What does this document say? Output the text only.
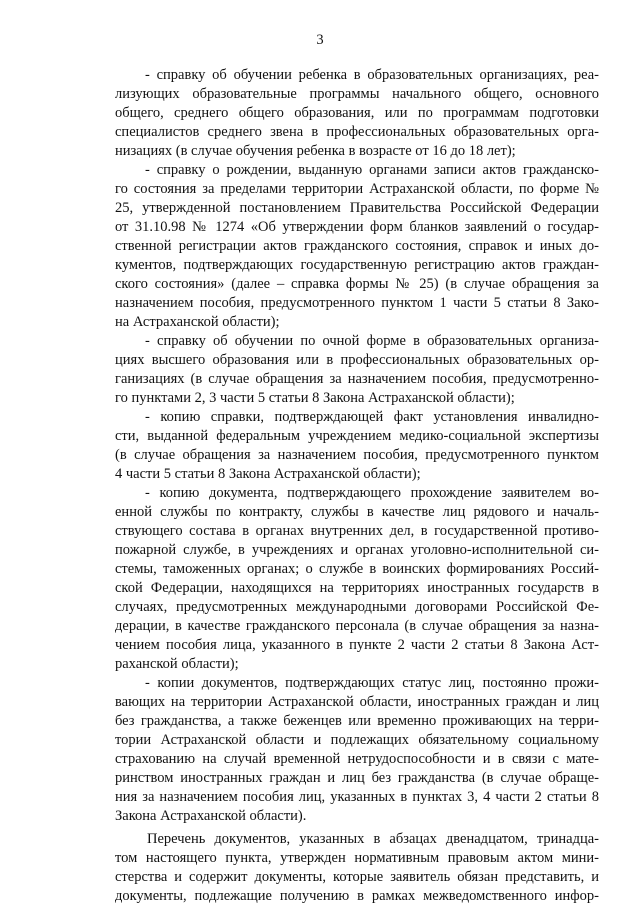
3
- справку об обучении ребенка в образовательных организациях, реа-
лизующих образовательные программы начального общего, основного
общего, среднего общего образования, или по программам подготовки
специалистов среднего звена в профессиональных образовательных орга-
низациях (в случае обучения ребенка в возрасте от 16 до 18 лет);
- справку о рождении, выданную органами записи актов гражданско-
го состояния за пределами территории Астраханской области, по форме №
25, утвержденной постановлением Правительства Российской Федерации
от 31.10.98 № 1274 «Об утверждении форм бланков заявлений о государ-
ственной регистрации актов гражданского состояния, справок и иных до-
кументов, подтверждающих государственную регистрацию актов граждан-
ского состояния» (далее – справка формы № 25) (в случае обращения за
назначением пособия, предусмотренного пунктом 1 части 5 статьи 8 Зако-
на Астраханской области);
- справку об обучении по очной форме в образовательных организа-
циях высшего образования или в профессиональных образовательных ор-
ганизациях (в случае обращения за назначением пособия, предусмотренно-
го пунктами 2, 3 части 5 статьи 8 Закона Астраханской области);
- копию справки, подтверждающей факт установления инвалидно-
сти, выданной федеральным учреждением медико-социальной экспертизы
(в случае обращения за назначением пособия, предусмотренного пунктом
4 части 5 статьи 8 Закона Астраханской области);
- копию документа, подтверждающего прохождение заявителем во-
енной службы по контракту, службы в качестве лиц рядового и началь-
ствующего состава в органах внутренних дел, в государственной противо-
пожарной службе, в учреждениях и органах уголовно-исполнительной си-
стемы, таможенных органах; о службе в воинских формированиях Россий-
ской Федерации, находящихся на территориях иностранных государств в
случаях, предусмотренных международными договорами Российской Фе-
дерации, в качестве гражданского персонала (в случае обращения за назна-
чением пособия лица, указанного в пункте 2 части 2 статьи 8 Закона Аст-
раханской области);
- копии документов, подтверждающих статус лиц, постоянно прожи-
вающих на территории Астраханской области, иностранных граждан и лиц
без гражданства, а также беженцев или временно проживающих на терри-
тории Астраханской области и подлежащих обязательному социальному
страхованию на случай временной нетрудоспособности и в связи с мате-
ринством иностранных граждан и лиц без гражданства (в случае обраще-
ния за назначением пособия лиц, указанных в пунктах 3, 4 части 2 статьи 8
Закона Астраханской области).
Перечень документов, указанных в абзацах двенадцатом, тринадца-
том настоящего пункта, утвержден нормативным правовым актом мини-
стерства и содержит документы, которые заявитель обязан представить, и
документы, подлежащие получению в рамках межведомственного инфор-
